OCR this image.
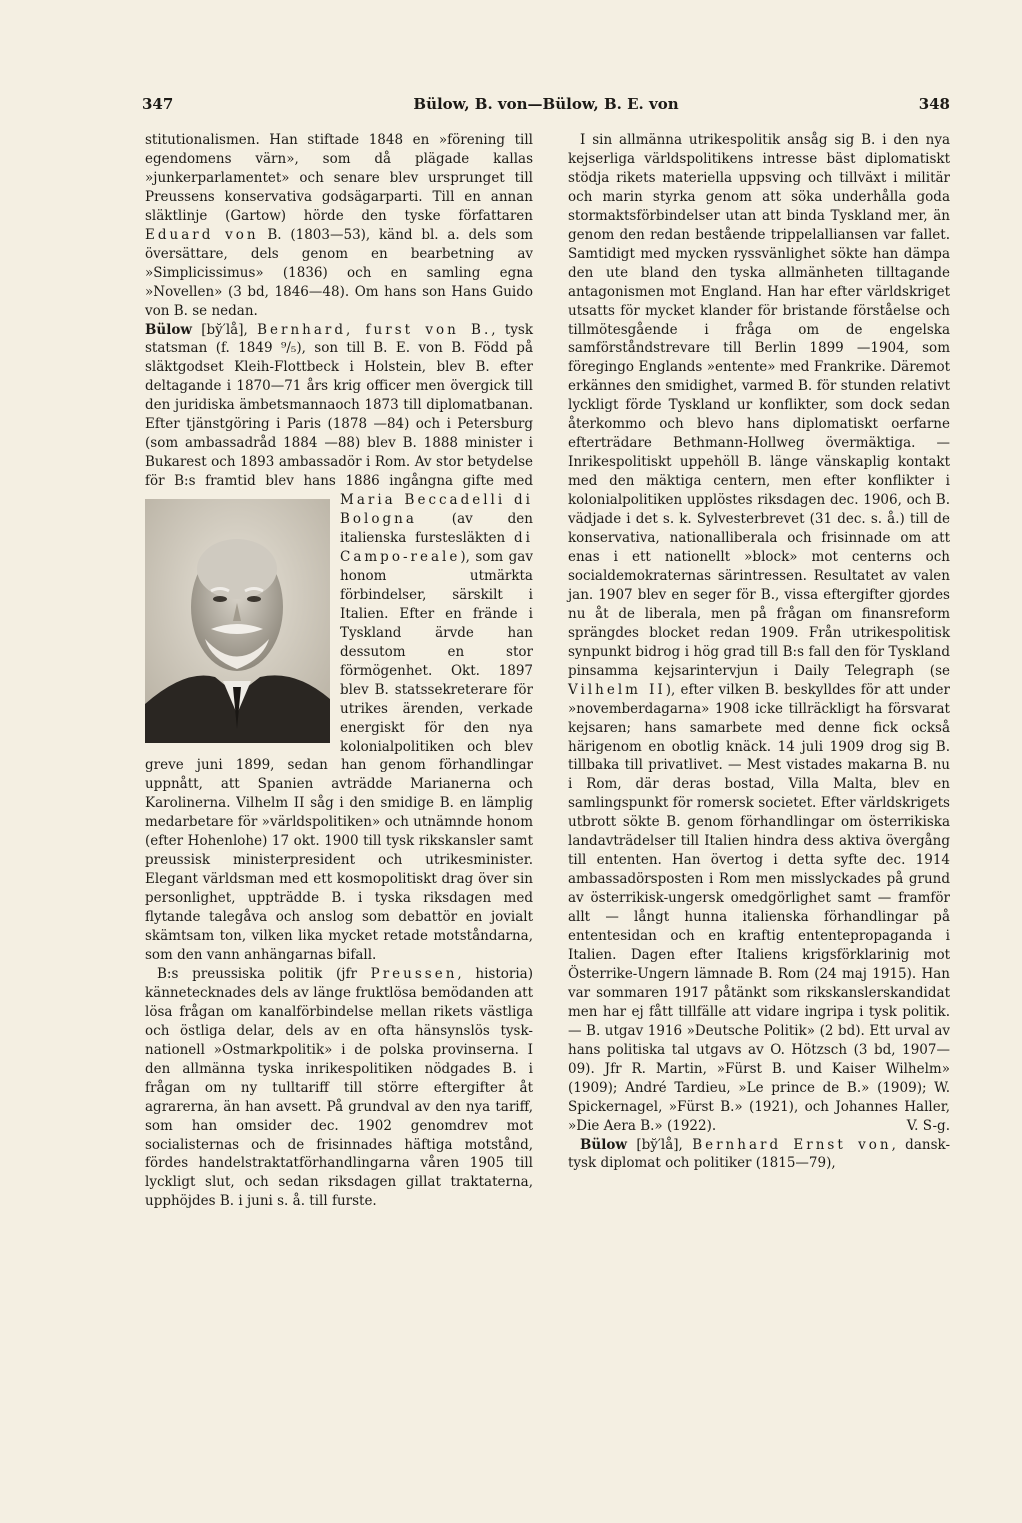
347	Bülow, B. von—Bülow, B. E. von	348

stitutionalismen. Han stiftade 1848 en »förening till egendomens värn», som då plägade kallas »junkerparlamentet» och senare blev ursprunget till Preussens konservativa godsägarparti. Till en annan släktlinje (Gartow) hörde den tyske författaren Eduard von B. (1803—53), känd bl. a. dels som översättare, dels genom en bearbetning av »Simplicissimus» (1836) och en samling egna »Novellen» (3 bd, 1846—48). Om hans son Hans Guido von B. se nedan.

Bülow [by̆′lå], Bernhard, furst von B., tysk statsman (f. 1849 ⁹/₅), son till B. E. von B. Född på släktgodset Kleih-Flottbeck i Holstein, blev B. efter deltagande i 1870—71 års krig officer men övergick till den juridiska ämbetsmannaoch 1873 till diplomatbanan. Efter tjänstgöring i Paris (1878 —84) och i Petersburg (som ambassadråd 1884 —88) blev B. 1888 minister i Bukarest och 1893 ambassadör i Rom. Av stor betydelse för B:s framtid blev hans 1886 ingångna gifte med
Maria Beccadelli di Bologna (av den italienska furstesläkten di Campo-reale), som gav honom utmärkta förbindelser, särskilt i Italien. Efter en frände i Tyskland ärvde han dessutom en stor förmögenhet. Okt. 1897 blev B. statssekreterare för utrikes ärenden, verkade energiskt för den nya kolonialpolitiken och blev greve juni 1899, sedan han genom förhandlingar uppnått, att Spanien avträdde Marianerna och Karolinerna. Vilhelm II såg i den smidige B. en lämplig medarbetare för »världspolitiken» och utnämnde honom (efter Hohenlohe) 17 okt. 1900 till tysk rikskansler samt preussisk ministerpresident och utrikesminister. Elegant världsman med ett kosmopolitiskt drag över sin personlighet, uppträdde B. i tyska riksdagen med flytande talegåva och anslog som debattör en jovialt skämtsam ton, vilken lika mycket retade motståndarna, som den vann anhängarnas bifall.

B:s preussiska politik (jfr Preussen, historia) kännetecknades dels av länge fruktlösa bemödanden att lösa frågan om kanalförbindelse mellan rikets västliga och östliga delar, dels av en ofta hänsynslös tysk-nationell »Ostmarkpolitik» i de polska provinserna. I den allmänna tyska inrikespolitiken nödgades B. i frågan om ny tulltariff till större eftergifter åt agrarerna, än han avsett. På grundval av den nya tariff, som han omsider dec. 1902 genomdrev mot socialisternas och de frisinnades häftiga motstånd, fördes handelstraktatförhandlingarna våren 1905 till lyckligt slut, och sedan riksdagen gillat traktaterna, upphöjdes B. i juni s. å. till furste.

I sin allmänna utrikespolitik ansåg sig B. i den nya kejserliga världspolitikens intresse bäst diplomatiskt stödja rikets materiella uppsving och tillväxt i militär och marin styrka genom att söka underhålla goda stormaktsförbindelser utan att binda Tyskland mer, än genom den redan bestående trippelalliansen var fallet. Samtidigt med mycken ryssvänlighet sökte han dämpa den ute bland den tyska allmänheten tilltagande antagonismen mot England. Han har efter världskriget utsatts för mycket klander för bristande förståelse och tillmötesgående i fråga om de engelska samförståndstrevare till Berlin 1899 —1904, som föregingo Englands »entente» med Frankrike. Däremot erkännes den smidighet, varmed B. för stunden relativt lyckligt förde Tyskland ur konflikter, som dock sedan återkommo och blevo hans diplomatiskt oerfarne efterträdare Bethmann-Hollweg övermäktiga. — Inrikespolitiskt uppehöll B. länge vänskaplig kontakt med den mäktiga centern, men efter konflikter i kolonialpolitiken upplöstes riksdagen dec. 1906, och B. vädjade i det s. k. Sylvesterbrevet (31 dec. s. å.) till de konservativa, nationalliberala och frisinnade om att enas i ett nationellt »block» mot centerns och socialdemokraternas särintressen. Resultatet av valen jan. 1907 blev en seger för B., vissa eftergifter gjordes nu åt de liberala, men på frågan om finansreform sprängdes blocket redan 1909. Från utrikespolitisk synpunkt bidrog i hög grad till B:s fall den för Tyskland pinsamma kejsarintervjun i Daily Telegraph (se Vilhelm II), efter vilken B. beskylldes för att under »novemberdagarna» 1908 icke tillräckligt ha försvarat kejsaren; hans samarbete med denne fick också härigenom en obotlig knäck. 14 juli 1909 drog sig B. tillbaka till privatlivet. — Mest vistades makarna B. nu i Rom, där deras bostad, Villa Malta, blev en samlingspunkt för romersk societet. Efter världskrigets utbrott sökte B. genom förhandlingar om österrikiska landavträdelser till Italien hindra dess aktiva övergång till ententen. Han övertog i detta syfte dec. 1914 ambassadörsposten i Rom men misslyckades på grund av österrikisk-ungersk omedgörlighet samt — framför allt — långt hunna italienska förhandlingar på ententesidan och en kraftig ententepropaganda i Italien. Dagen efter Italiens krigsförklarinig mot Österrike-Ungern lämnade B. Rom (24 maj 1915). Han var sommaren 1917 påtänkt som rikskanslerskandidat men har ej fått tillfälle att vidare ingripa i tysk politik. — B. utgav 1916 »Deutsche Politik» (2 bd). Ett urval av hans politiska tal utgavs av O. Hötzsch (3 bd, 1907—09). Jfr R. Martin, »Fürst B. und Kaiser Wilhelm» (1909); André Tardieu, »Le prince de B.» (1909); W. Spickernagel, »Fürst B.» (1921), och Johannes Haller, »Die Aera B.» (1922).	V. S-g.

Bülow [by̆′lå], Bernhard Ernst von, dansk-tysk diplomat och politiker (1815—79),
